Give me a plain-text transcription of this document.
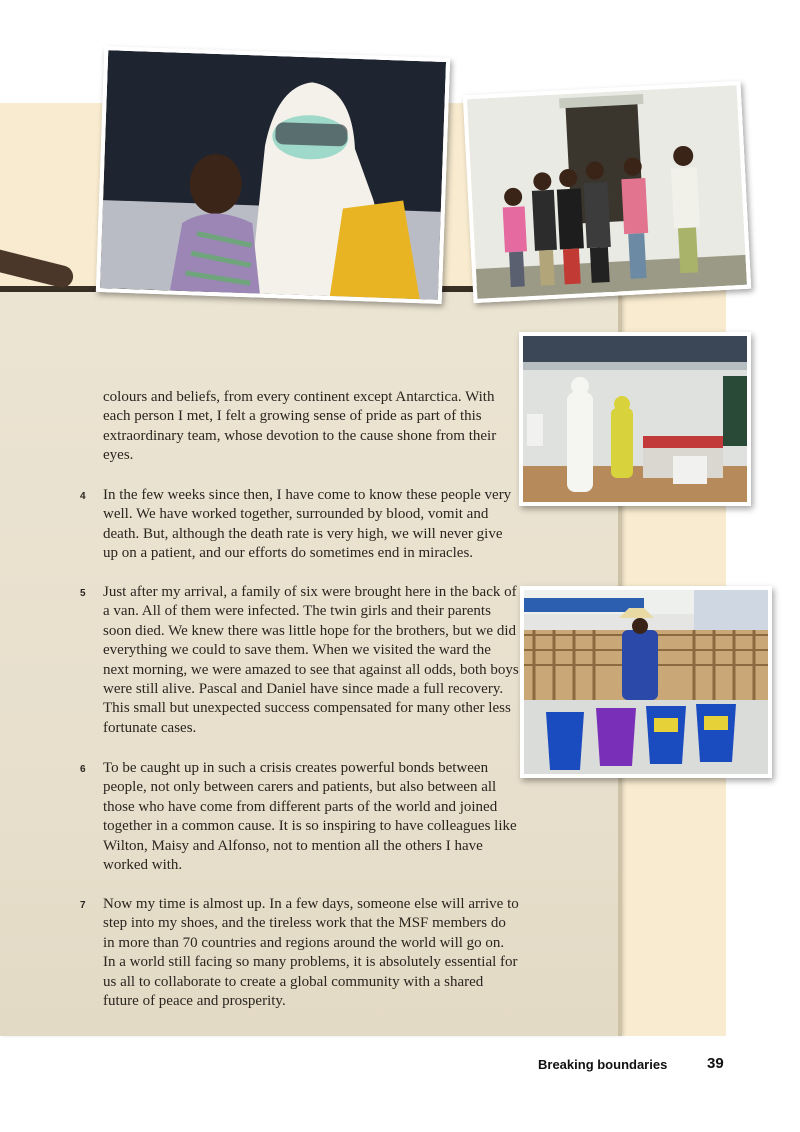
colours and beliefs, from every continent except Antarctica. With each person I met, I felt a growing sense of pride as part of this extraordinary team, whose devotion to the cause shone from their eyes.

4 In the few weeks since then, I have come to know these people very well. We have worked together, surrounded by blood, vomit and death. But, although the death rate is very high, we will never give up on a patient, and our efforts do sometimes end in miracles.

5 Just after my arrival, a family of six were brought here in the back of a van. All of them were infected. The twin girls and their parents soon died. We knew there was little hope for the brothers, but we did everything we could to save them. When we visited the ward the next morning, we were amazed to see that against all odds, both boys were still alive. Pascal and Daniel have since made a full recovery. This small but unexpected success compensated for many other less fortunate cases.

6 To be caught up in such a crisis creates powerful bonds between people, not only between carers and patients, but also between all those who have come from different parts of the world and joined together in a common cause. It is so inspiring to have colleagues like Wilton, Maisy and Alfonso, not to mention all the others I have worked with.

7 Now my time is almost up. In a few days, someone else will arrive to step into my shoes, and the tireless work that the MSF members do in more than 70 countries and regions around the world will go on. In a world still facing so many problems, it is absolutely essential for us all to collaborate to create a global community with a shared future of peace and prosperity.

Breaking boundaries	39
